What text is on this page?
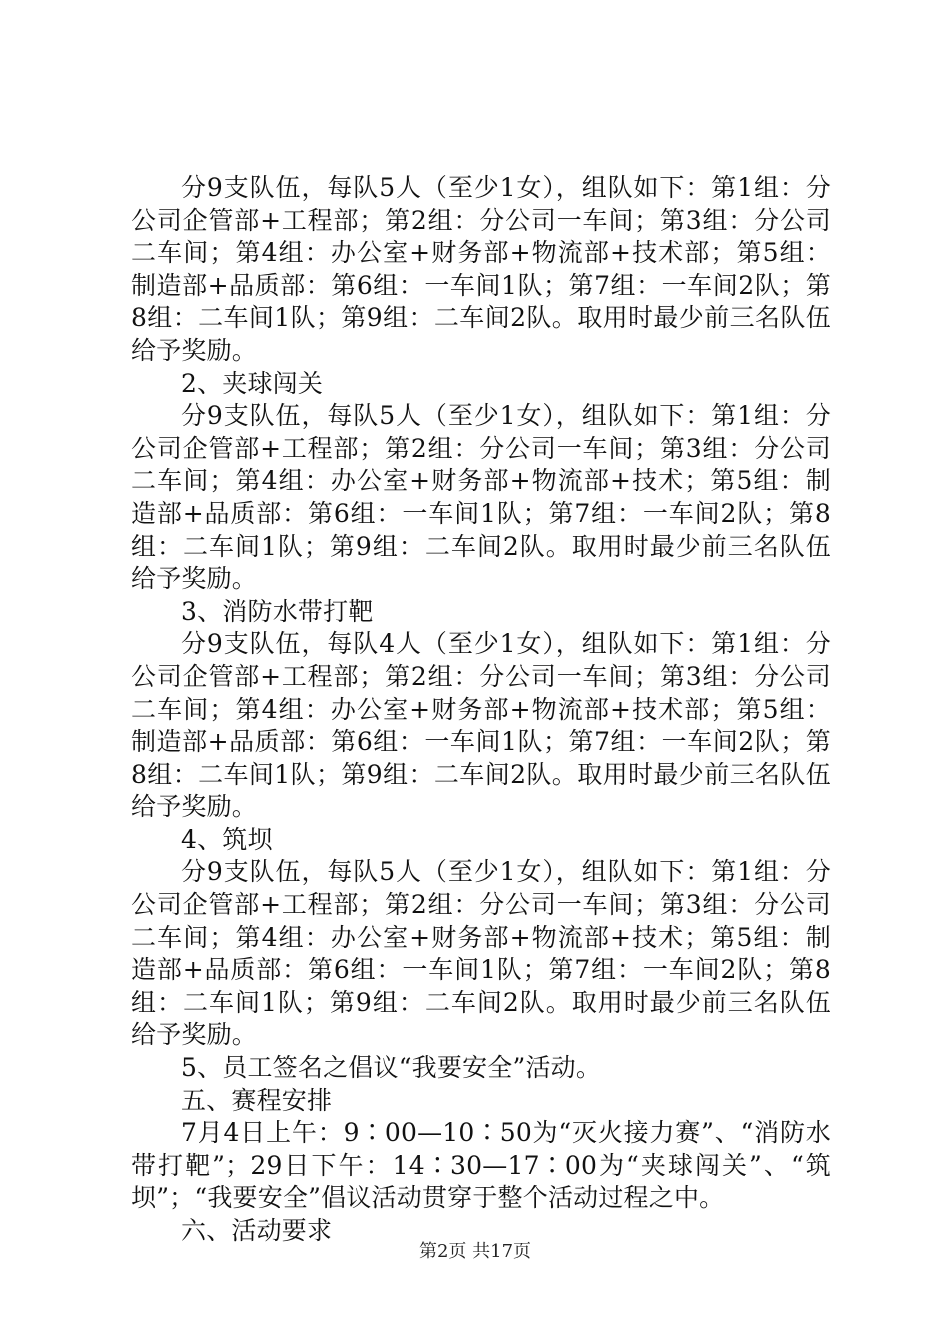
分9支队伍，每队5人（至少1女），组队如下：第1组：分公司企管部+工程部；第2组：分公司一车间；第3组：分公司二车间；第4组：办公室+财务部+物流部+技术部；第5组：制造部+品质部：第6组：一车间1队；第7组：一车间2队；第8组：二车间1队；第9组：二车间2队。取用时最少前三名队伍给予奖励。

2、夹球闯关

分9支队伍，每队5人（至少1女），组队如下：第1组：分公司企管部+工程部；第2组：分公司一车间；第3组：分公司二车间；第4组：办公室+财务部+物流部+技术；第5组：制造部+品质部：第6组：一车间1队；第7组：一车间2队；第8组：二车间1队；第9组：二车间2队。取用时最少前三名队伍给予奖励。

3、消防水带打靶

分9支队伍，每队4人（至少1女），组队如下：第1组：分公司企管部+工程部；第2组：分公司一车间；第3组：分公司二车间；第4组：办公室+财务部+物流部+技术部；第5组：制造部+品质部：第6组：一车间1队；第7组：一车间2队；第8组：二车间1队；第9组：二车间2队。取用时最少前三名队伍给予奖励。

4、筑坝

分9支队伍，每队5人（至少1女），组队如下：第1组：分公司企管部+工程部；第2组：分公司一车间；第3组：分公司二车间；第4组：办公室+财务部+物流部+技术；第5组：制造部+品质部：第6组：一车间1队；第7组：一车间2队；第8组：二车间1队；第9组：二车间2队。取用时最少前三名队伍给予奖励。

5、员工签名之倡议“我要安全”活动。

五、赛程安排

7月4日上午：9∶00—10∶50为“灭火接力赛”、“消防水带打靶”；29日下午：14∶30—17∶00为“夹球闯关”、“筑坝”；“我要安全”倡议活动贯穿于整个活动过程之中。

六、活动要求

第2页 共17页
